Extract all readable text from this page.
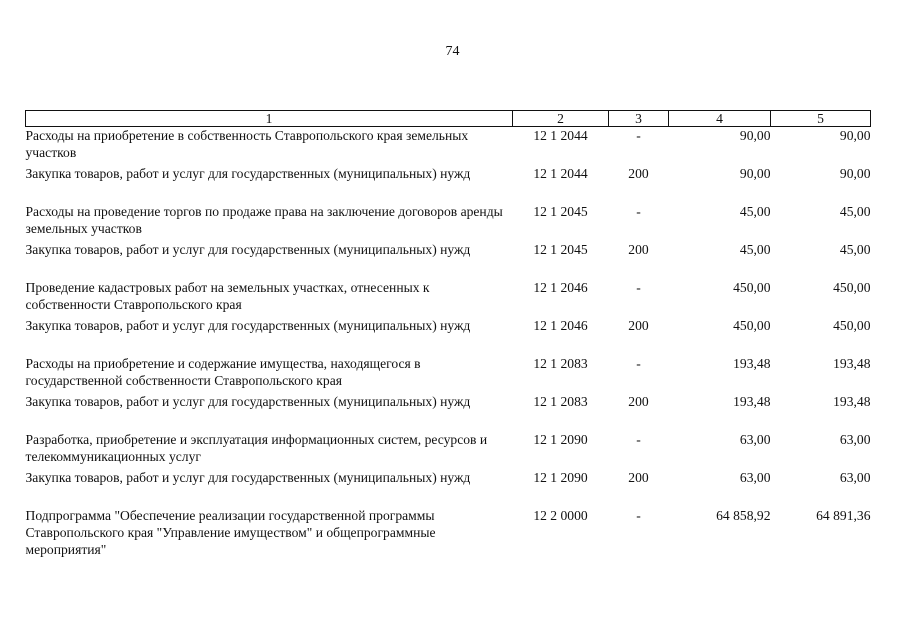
74
1	2	3	4	5
Расходы на приобретение в собственность Ставропольского края земельных участков	12 1 2044	-	90,00	90,00
Закупка товаров, работ и услуг для государственных (муниципальных) нужд	12 1 2044	200	90,00	90,00
Расходы на проведение торгов по продаже права на заключение договоров аренды земельных участков	12 1 2045	-	45,00	45,00
Закупка товаров, работ и услуг для государственных (муниципальных) нужд	12 1 2045	200	45,00	45,00
Проведение кадастровых работ на земельных участках, отнесенных к собственности Ставропольского края	12 1 2046	-	450,00	450,00
Закупка товаров, работ и услуг для государственных (муниципальных) нужд	12 1 2046	200	450,00	450,00
Расходы на приобретение и содержание имущества, находящегося в государственной собственности Ставропольского края	12 1 2083	-	193,48	193,48
Закупка товаров, работ и услуг для государственных (муниципальных) нужд	12 1 2083	200	193,48	193,48
Разработка, приобретение и эксплуатация информационных систем, ресурсов и телекоммуникационных услуг	12 1 2090	-	63,00	63,00
Закупка товаров, работ и услуг для государственных (муниципальных) нужд	12 1 2090	200	63,00	63,00
Подпрограмма "Обеспечение реализации государственной программы Ставропольского края "Управление имуществом" и общепрограммные мероприятия"	12 2 0000	-	64 858,92	64 891,36
